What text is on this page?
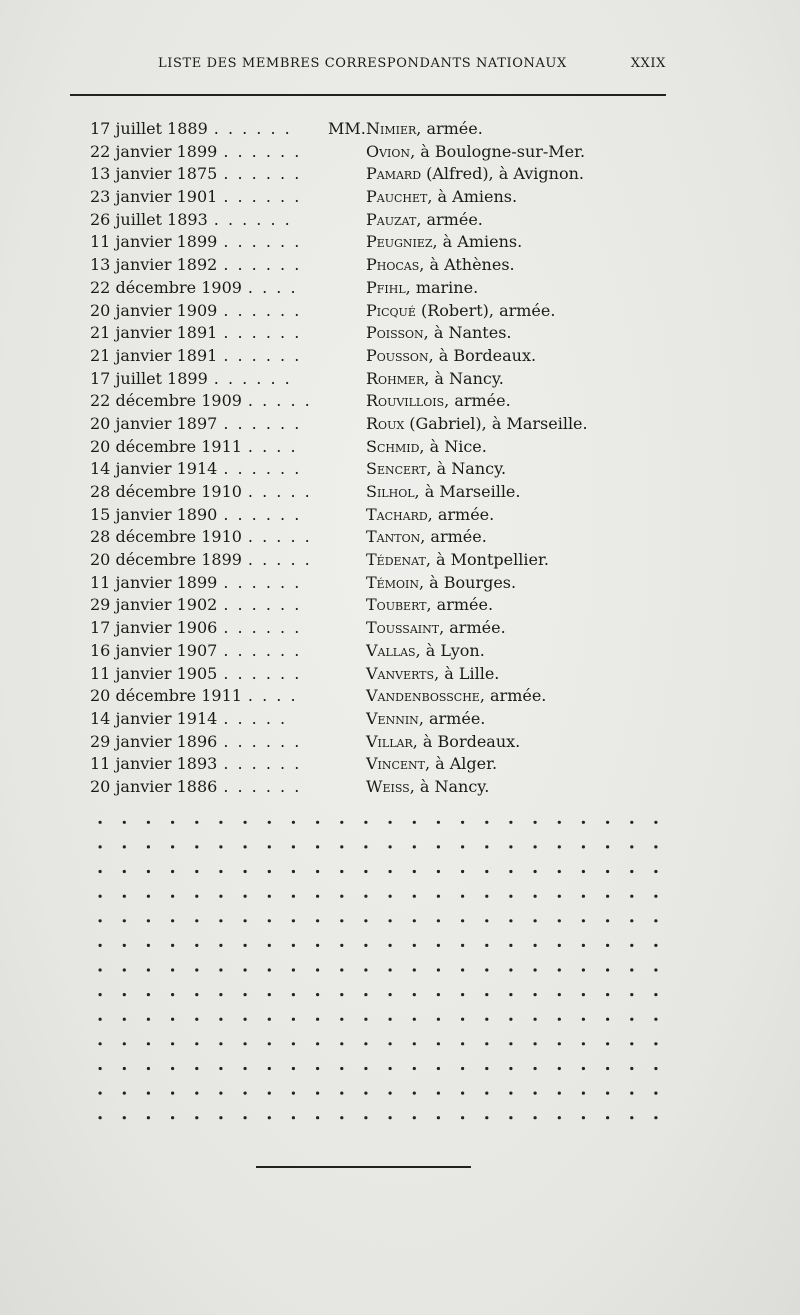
LISTE DES MEMBRES CORRESPONDANTS NATIONAUX	XXIX
17 juillet 1889 . . . . . . MM. Nimier, armée.
22 janvier 1899 . . . . . .	Ovion, à Boulogne-sur-Mer.
13 janvier 1875 . . . . . .	Pamard (Alfred), à Avignon.
23 janvier 1901 . . . . . .	Pauchet, à Amiens.
26 juillet 1893 . . . . . .	Pauzat, armée.
11 janvier 1899 . . . . . .	Peugniez, à Amiens.
13 janvier 1892 . . . . . .	Phocas, à Athènes.
22 décembre 1909 . . . .	Pfihl, marine.
20 janvier 1909 . . . . . .	Picqué (Robert), armée.
21 janvier 1891 . . . . . .	Poisson, à Nantes.
21 janvier 1891 . . . . . .	Pousson, à Bordeaux.
17 juillet 1899 . . . . . .	Rohmer, à Nancy.
22 décembre 1909 . . . . .	Rouvillois, armée.
20 janvier 1897 . . . . . .	Roux (Gabriel), à Marseille.
20 décembre 1911 . . . .	Schmid, à Nice.
14 janvier 1914 . . . . . .	Sencert, à Nancy.
28 décembre 1910 . . . . .	Silhol, à Marseille.
15 janvier 1890 . . . . . .	Tachard, armée.
28 décembre 1910 . . . . .	Tanton, armée.
20 décembre 1899 . . . . .	Tédenat, à Montpellier.
11 janvier 1899 . . . . . .	Témoin, à Bourges.
29 janvier 1902 . . . . . .	Toubert, armée.
17 janvier 1906 . . . . . .	Toussaint, armée.
16 janvier 1907 . . . . . .	Vallas, à Lyon.
11 janvier 1905 . . . . . .	Vanverts, à Lille.
20 décembre 1911 . . . .	Vandenbossche, armée.
14 janvier 1914 . . . . .	Vennin, armée.
29 janvier 1896 . . . . . .	Villar, à Bordeaux.
11 janvier 1893 . . . . . .	Vincent, à Alger.
20 janvier 1886 . . . . . .	Weiss, à Nancy.
